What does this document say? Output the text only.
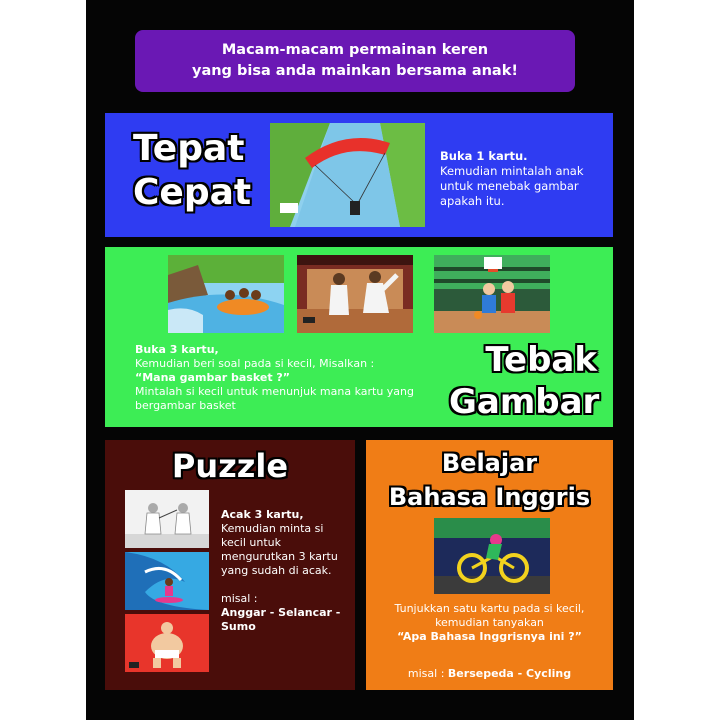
Macam-macam permainan keren
yang bisa anda mainkan bersama anak!
Tepat
Cepat
Buka 1 kartu.
Kemudian mintalah anak untuk menebak gambar apakah itu.
Buka 3 kartu,
Kemudian beri soal pada si kecil, Misalkan :
“Mana gambar basket ?”
Mintalah si kecil untuk menunjuk mana kartu yang bergambar basket
Tebak
Gambar
Puzzle
Acak 3 kartu,
Kemudian minta si kecil untuk mengurutkan 3 kartu yang sudah di acak.
misal :
Anggar - Selancar - Sumo
Belajar
Bahasa Inggris
Tunjukkan satu kartu pada si kecil, kemudian tanyakan
“Apa Bahasa Inggrisnya ini ?”
misal : Bersepeda - Cycling
